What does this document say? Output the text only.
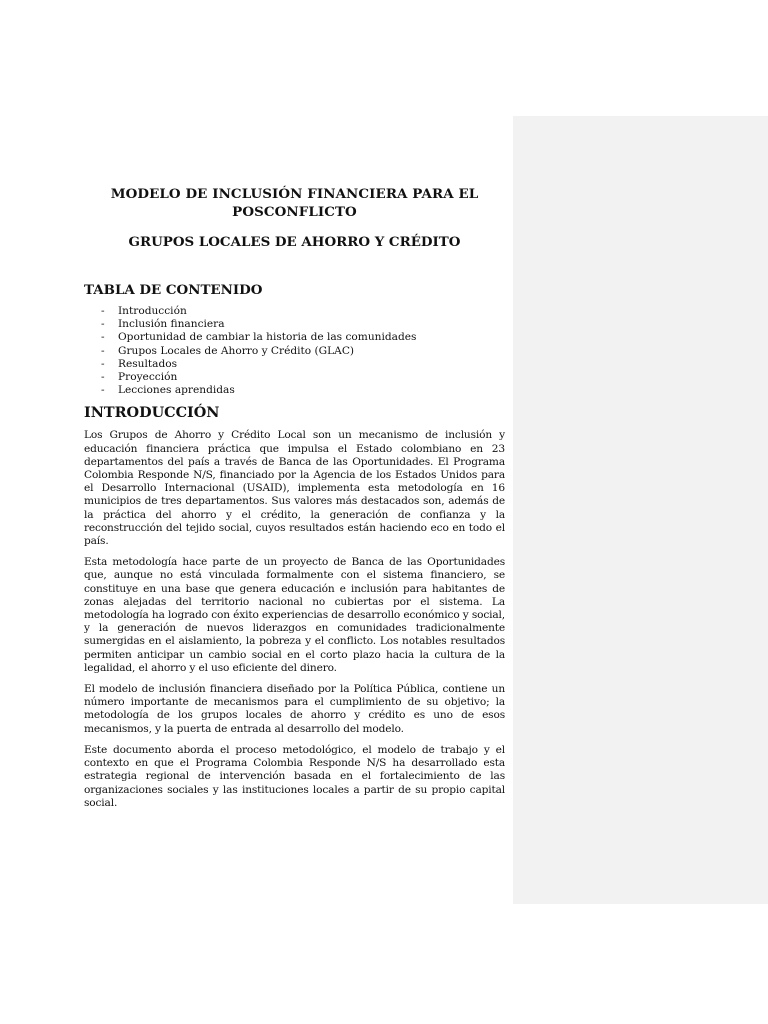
MODELO DE INCLUSIÓN FINANCIERA PARA EL POSCONFLICTO
GRUPOS LOCALES DE AHORRO Y CRÉDITO
TABLA DE CONTENIDO
-	Introducción
-	Inclusión financiera
-	Oportunidad de cambiar la historia de las comunidades
-	Grupos Locales de Ahorro y Crédito (GLAC)
-	Resultados
-	Proyección
-	Lecciones aprendidas
INTRODUCCIÓN

Los Grupos de Ahorro y Crédito Local son un mecanismo de inclusión y educación financiera práctica que impulsa el Estado colombiano en 23 departamentos del país a través de Banca de las Oportunidades. El Programa Colombia Responde N/S, financiado por la Agencia de los Estados Unidos para el Desarrollo Internacional (USAID), implementa esta metodología en 16 municipios de tres departamentos. Sus valores más destacados son, además de la práctica del ahorro y el crédito, la generación de confianza y la reconstrucción del tejido social, cuyos resultados están haciendo eco en todo el país.

Esta metodología hace parte de un proyecto de Banca de las Oportunidades que, aunque no está vinculada formalmente con el sistema financiero, se constituye en una base que genera educación e inclusión para habitantes de zonas alejadas del territorio nacional no cubiertas por el sistema. La metodología ha logrado con éxito experiencias de desarrollo económico y social, y la generación de nuevos liderazgos en comunidades tradicionalmente sumergidas en el aislamiento, la pobreza y el conflicto. Los notables resultados permiten anticipar un cambio social en el corto plazo hacia la cultura de la legalidad, el ahorro y el uso eficiente del dinero.

El modelo de inclusión financiera diseñado por la Política Pública, contiene un número importante de mecanismos para el cumplimiento de su objetivo; la metodología de los grupos locales de ahorro y crédito es uno de esos mecanismos, y la puerta de entrada al desarrollo del modelo.

Este documento aborda el proceso metodológico, el modelo de trabajo y el contexto en que el Programa Colombia Responde N/S ha desarrollado esta estrategia regional de intervención basada en el fortalecimiento de las organizaciones sociales y las instituciones locales a partir de su propio capital social.
